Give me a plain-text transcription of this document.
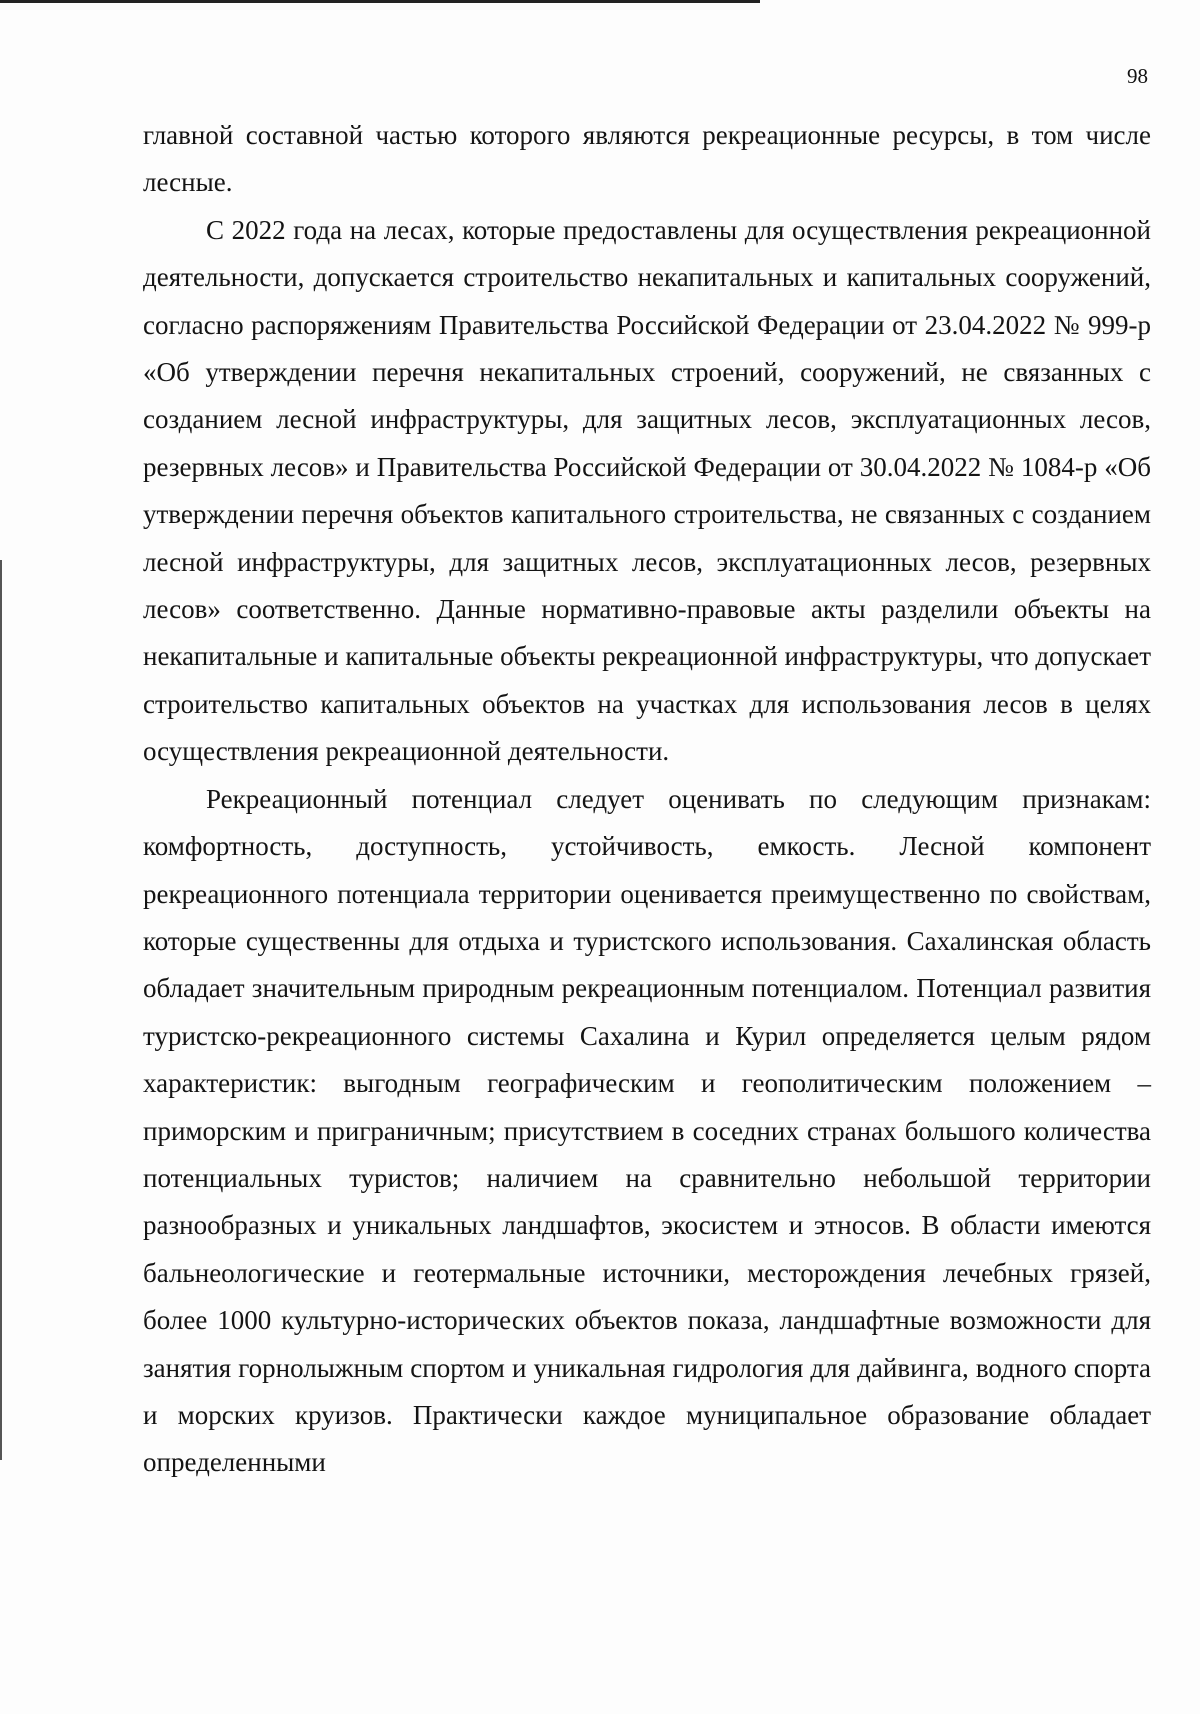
98

главной составной частью которого являются рекреационные ресурсы, в том числе лесные.

С 2022 года на лесах, которые предоставлены для осуществления рекреационной деятельности, допускается строительство некапитальных и капитальных сооружений, согласно распоряжениям Правительства Российской Федерации от 23.04.2022 № 999-р «Об утверждении перечня некапитальных строений, сооружений, не связанных с созданием лесной инфраструктуры, для защитных лесов, эксплуатационных лесов, резервных лесов» и Правительства Российской Федерации от 30.04.2022 № 1084-р «Об утверждении перечня объектов капитального строительства, не связанных с созданием лесной инфраструктуры, для защитных лесов, эксплуатационных лесов, резервных лесов» соответственно. Данные нормативно-правовые акты разделили объекты на некапитальные и капитальные объекты рекреационной инфраструктуры, что допускает строительство капитальных объектов на участках для использования лесов в целях осуществления рекреационной деятельности.

Рекреационный потенциал следует оценивать по следующим признакам: комфортность, доступность, устойчивость, емкость. Лесной компонент рекреационного потенциала территории оценивается преимущественно по свойствам, которые существенны для отдыха и туристского использования. Сахалинская область обладает значительным природным рекреационным потенциалом. Потенциал развития туристско-рекреационного системы Сахалина и Курил определяется целым рядом характеристик: выгодным географическим и геополитическим положением – приморским и приграничным; присутствием в соседних странах большого количества потенциальных туристов; наличием на сравнительно небольшой территории разнообразных и уникальных ландшафтов, экосистем и этносов. В области имеются бальнеологические и геотермальные источники, месторождения лечебных грязей, более 1000 культурно-исторических объектов показа, ландшафтные возможности для занятия горнолыжным спортом и уникальная гидрология для дайвинга, водного спорта и морских круизов. Практически каждое муниципальное образование обладает определенными
